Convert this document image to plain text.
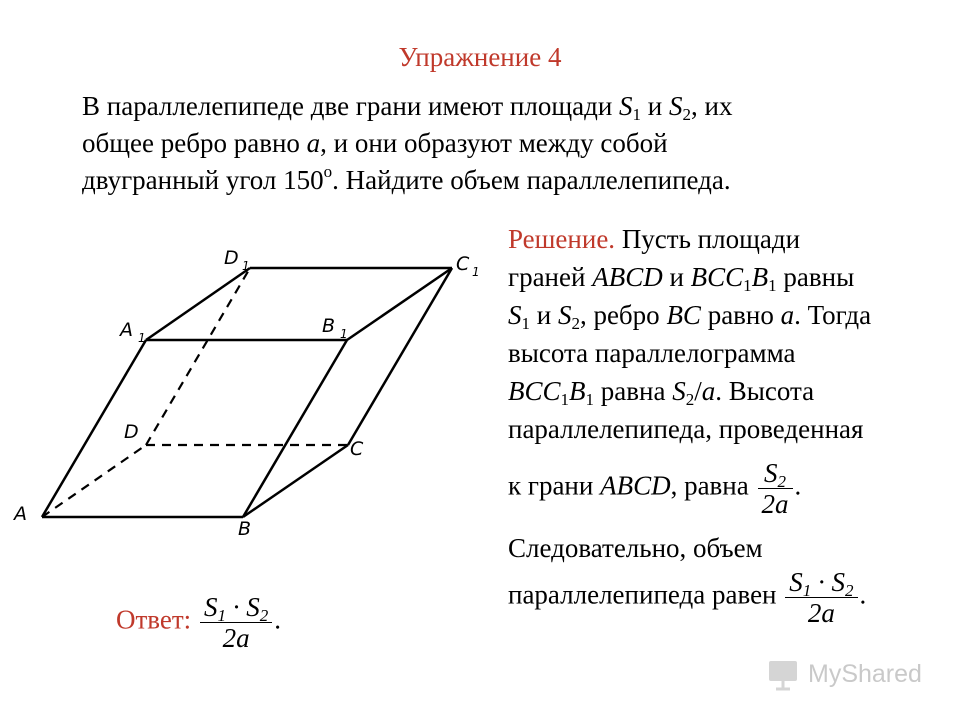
Упражнение 4
В параллелепипеде две грани имеют площади $S_1$ и $S_2$, их
общее ребро равно a, и они образуют между собой
двугранный угол 150$^o$. Найдите объем параллелепипеда.
Решение. Пусть площади
граней ABCD и $BCC_1B_1$ равны
$S_1$ и $S_2$, ребро BC равно a. Тогда
высота параллелограмма
$BCC_1B_1$ равна $S_2/a$. Высота
параллелепипеда, проведенная

к грани ABCD, равна $\frac{S_2}{2a}$ .
Следовательно, объем
параллелепипеда равен $\frac{S_1 \cdot S_2}{2a}$ .
Ответ: $\frac{S_1 \cdot S_2}{2a}$ .
A
B
C
D
A 1
B 1
C 1
D 1
MyShared
